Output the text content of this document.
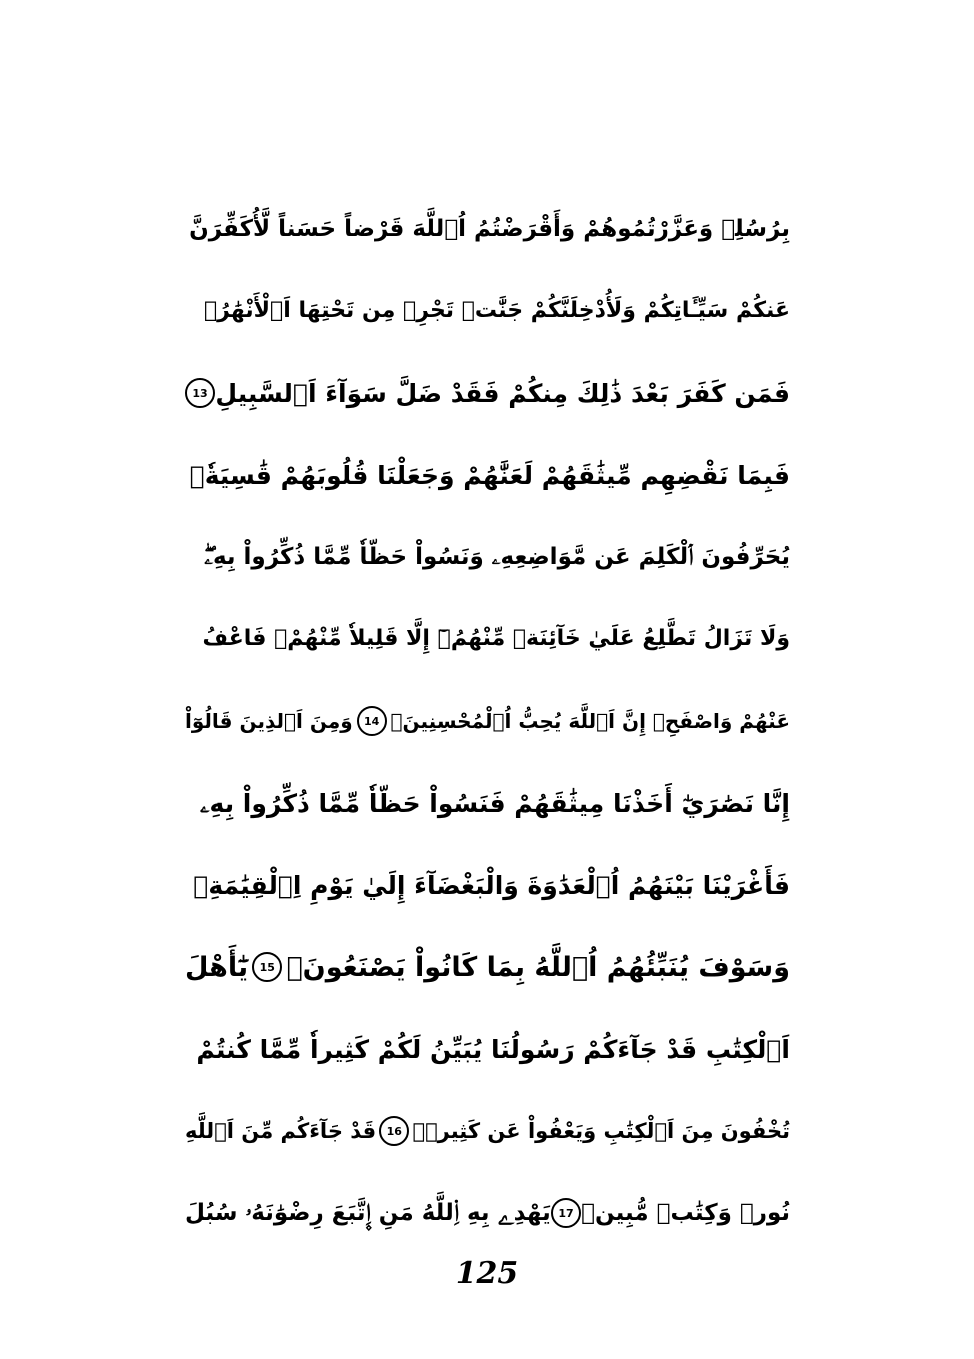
بِرُسُلِے وَعَزَّرْتُمُوهُمْ وَأَقْرَضْتُمُ اُ۬للَّهَ قَرْضاً حَسَناً لَّأُكَفِّرَنَّ
عَنكُمْ سَيِّـَٔاتِكُمْ وَلَأُدْخِلَنَّكُمْ جَنَّٰتٖ تَجْرِے مِن تَحْتِهَا اَ۬لْأَنْهَٰرُۖ
فَمَن كَفَرَ بَعْدَ ذَٰلِكَ مِنكُمْ فَقَدْ ضَلَّ سَوَآءَ اَ۬لسَّبِيلِ
13
فَبِمَا نَقْضِهِم مِّيثَٰقَهُمْ لَعَنَّٰهُمْ وَجَعَلْنَا قُلُوبَهُمْ قَٰسِيَةٗۖ
يُحَرِّفُونَ اَ۬لْكَلِمَ عَن مَّوَاضِعِهِۦ وَنَسُواْ حَظّاٗ مِّمَّا ذُكِّرُواْ بِهِۦۖ
وَلَا تَزَالُ تَطَّلِعُ عَلَيٰ خَآئِنَةٖ مِّنْهُمُۥٓ إِلَّا قَلِيلاٗ مِّنْهُمْۖ فَاعْفُ
عَنْهُمْ وَاصْفَحِۖ إِنَّ اَ۬للَّهَ يُحِبُّ اُ۬لْمُحْسِنِينَۖ
14
وَمِنَ اَ۬لذِينَ قَالُوٓاْ
إِنَّا نَصَٰرَيٰٓ أَخَذْنَا مِيثَٰقَهُمْ فَنَسُواْ حَظّاٗ مِّمَّا ذُكِّرُواْ بِهِۦ
فَأَغْرَيْنَا بَيْنَهُمُ اُ۬لْعَدَٰوَةَ وَالْبَغْضَآءَ إِلَيٰ يَوْمِ اِ۬لْقِيَٰمَةِۖ
وَسَوْفَ يُنَبِّئُهُمُ اُ۬للَّهُ بِمَا كَانُواْ يَصْنَعُونَۖ
15
يَٰٓأَهْلَ
اَ۬لْكِتَٰبِ قَدْ جَآءَكُمْ رَسُولُنَا يُبَيِّنُ لَكُمْ كَثِيراٗ مِّمَّا كُنتُمْ
تُخْفُونَ مِنَ اَ۬لْكِتَٰبِ وَيَعْفُواْ عَن كَثِيرٖۖ
16
قَدْ جَآءَكُم مِّنَ اَ۬للَّهِ
نُورٞ وَكِتَٰبٞ مُّبِينٞ
17
يَهْدِے بِهِ اِ۬للَّهُ مَنِ اِ۪تَّبَعَ رِضْوَٰنَهُۥ سُبُلَ
125
